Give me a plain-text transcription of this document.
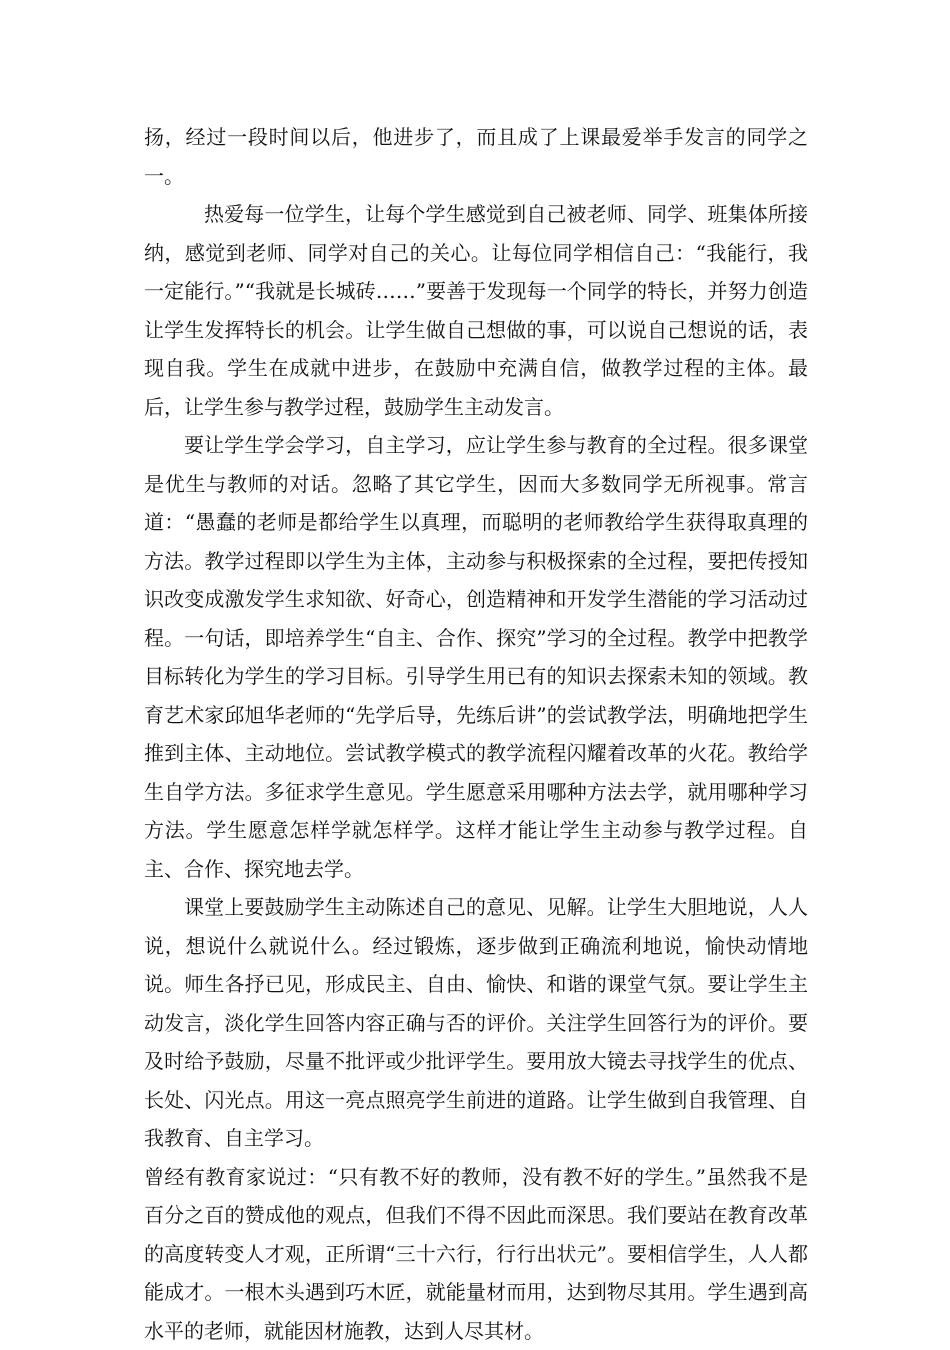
扬，经过一段时间以后，他进步了，而且成了上课最爱举手发言的同学之一。

热爱每一位学生，让每个学生感觉到自己被老师、同学、班集体所接纳，感觉到老师、同学对自己的关心。让每位同学相信自己：“我能行，我一定能行。”“我就是长城砖……”要善于发现每一个同学的特长，并努力创造让学生发挥特长的机会。让学生做自己想做的事，可以说自己想说的话，表现自我。学生在成就中进步，在鼓励中充满自信，做教学过程的主体。最后，让学生参与教学过程，鼓励学生主动发言。

要让学生学会学习，自主学习，应让学生参与教育的全过程。很多课堂是优生与教师的对话。忽略了其它学生，因而大多数同学无所视事。常言道：“愚蠢的老师是都给学生以真理，而聪明的老师教给学生获得取真理的方法。教学过程即以学生为主体，主动参与积极探索的全过程，要把传授知识改变成激发学生求知欲、好奇心，创造精神和开发学生潜能的学习活动过程。一句话，即培养学生“自主、合作、探究”学习的全过程。教学中把教学目标转化为学生的学习目标。引导学生用已有的知识去探索未知的领域。教育艺术家邱旭华老师的“先学后导，先练后讲”的尝试教学法，明确地把学生推到主体、主动地位。尝试教学模式的教学流程闪耀着改革的火花。教给学生自学方法。多征求学生意见。学生愿意采用哪种方法去学，就用哪种学习方法。学生愿意怎样学就怎样学。这样才能让学生主动参与教学过程。自主、合作、探究地去学。

课堂上要鼓励学生主动陈述自己的意见、见解。让学生大胆地说，人人说，想说什么就说什么。经过锻炼，逐步做到正确流利地说，愉快动情地说。师生各抒已见，形成民主、自由、愉快、和谐的课堂气氛。要让学生主动发言，淡化学生回答内容正确与否的评价。关注学生回答行为的评价。要及时给予鼓励，尽量不批评或少批评学生。要用放大镜去寻找学生的优点、长处、闪光点。用这一亮点照亮学生前进的道路。让学生做到自我管理、自我教育、自主学习。

曾经有教育家说过：“只有教不好的教师，没有教不好的学生。”虽然我不是百分之百的赞成他的观点，但我们不得不因此而深思。我们要站在教育改革的高度转变人才观，正所谓“三十六行，行行出状元”。要相信学生，人人都能成才。一根木头遇到巧木匠，就能量材而用，达到物尽其用。学生遇到高水平的老师，就能因材施教，达到人尽其材。
